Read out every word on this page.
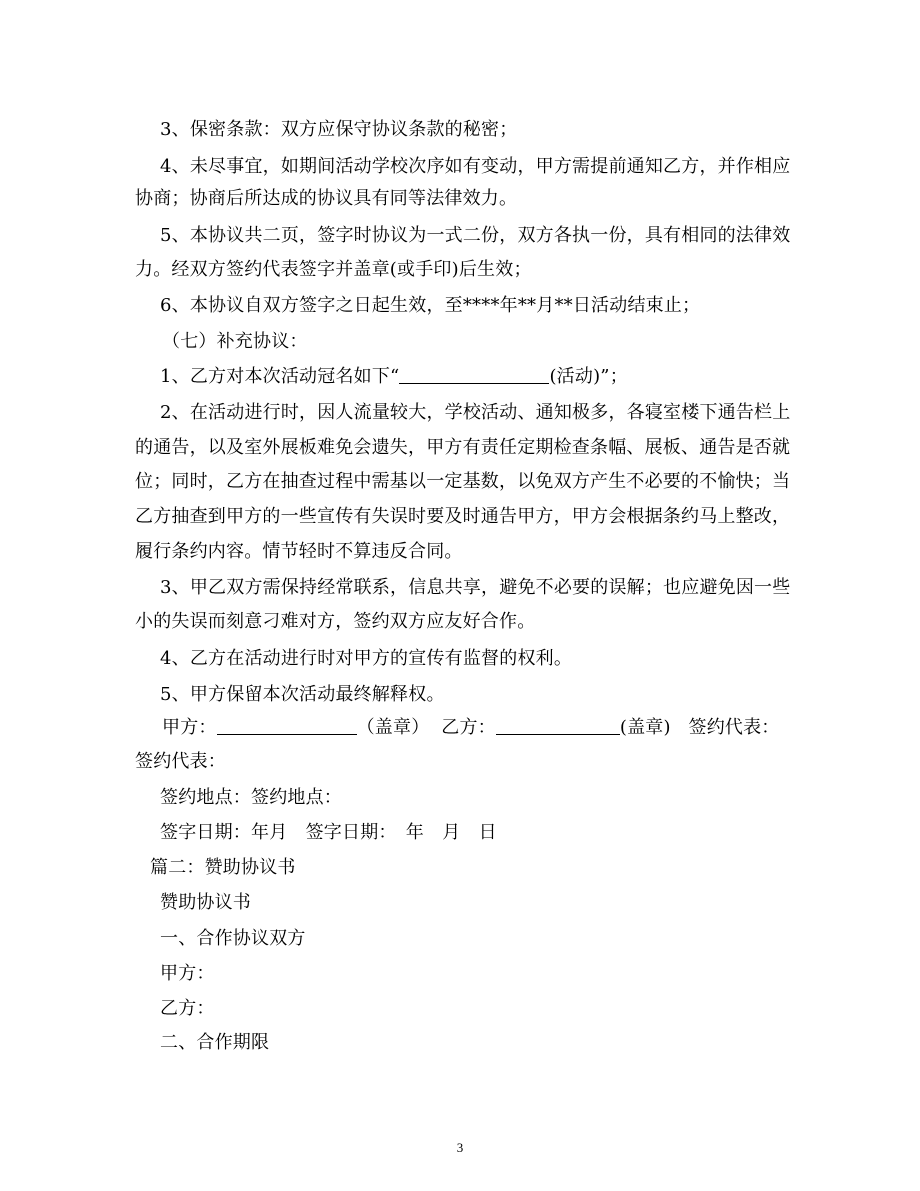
3、保密条款：双方应保守协议条款的秘密；
4、未尽事宜，如期间活动学校次序如有变动，甲方需提前通知乙方，并作相应
协商；协商后所达成的协议具有同等法律效力。
5、本协议共二页，签字时协议为一式二份，双方各执一份，具有相同的法律效
力。经双方签约代表签字并盖章(或手印)后生效；
6、本协议自双方签字之日起生效，至****年**月**日活动结束止；
（七）补充协议：
1、乙方对本次活动冠名如下“	(活动)”；
2、在活动进行时，因人流量较大，学校活动、通知极多，各寝室楼下通告栏上
的通告，以及室外展板难免会遗失，甲方有责任定期检查条幅、展板、通告是否就
位；同时，乙方在抽查过程中需基以一定基数，以免双方产生不必要的不愉快；当
乙方抽查到甲方的一些宣传有失误时要及时通告甲方，甲方会根据条约马上整改，
履行条约内容。情节轻时不算违反合同。
3、甲乙双方需保持经常联系，信息共享，避免不必要的误解；也应避免因一些
小的失误而刻意刁难对方，签约双方应友好合作。
4、乙方在活动进行时对甲方的宣传有监督的权利。
5、甲方保留本次活动最终解释权。
甲方：	（盖章） 乙方：	(盖章) 签约代表：
签约代表：
签约地点：签约地点：
签字日期：年月　签字日期：　年　月　日
篇二：赞助协议书
赞助协议书
一、合作协议双方
甲方：
乙方：
二、合作期限
3
